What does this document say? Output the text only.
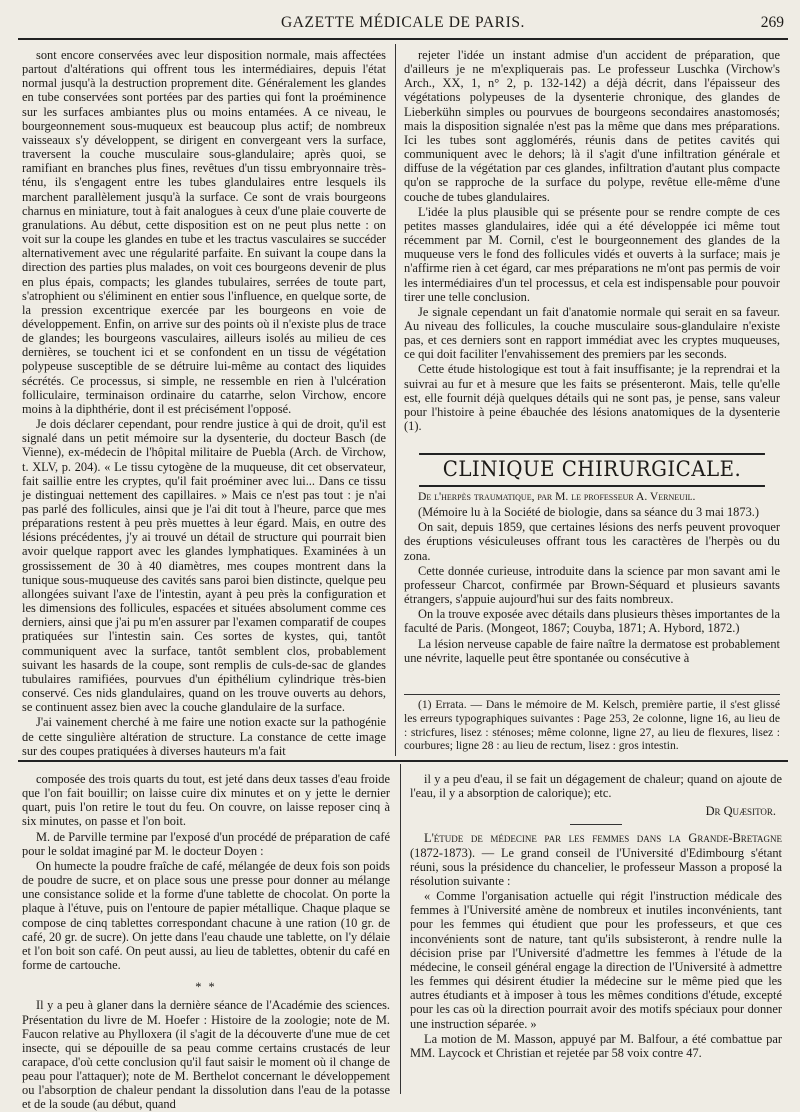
GAZETTE MÉDICALE DE PARIS.	269

sont encore conservées avec leur disposition normale, mais affectées partout d'altérations qui offrent tous les intermédiaires, depuis l'état normal jusqu'à la destruction proprement dite. Généralement les glandes en tube conservées sont portées par des parties qui font la proéminence sur les surfaces ambiantes plus ou moins entamées. A ce niveau, le bourgeonnement sous-muqueux est beaucoup plus actif; de nombreux vaisseaux s'y développent, se dirigent en convergeant vers la surface, traversent la couche musculaire sous-glandulaire; après quoi, se ramifiant en branches plus fines, revêtues d'un tissu embryonnaire très-ténu, ils s'engagent entre les tubes glandulaires entre lesquels ils marchent parallèlement jusqu'à la surface. Ce sont de vrais bourgeons charnus en miniature, tout à fait analogues à ceux d'une plaie couverte de granulations. Au début, cette disposition est on ne peut plus nette : on voit sur la coupe les glandes en tube et les tractus vasculaires se succéder alternativement avec une régularité parfaite. En suivant la coupe dans la direction des parties plus malades, on voit ces bourgeons devenir de plus en plus épais, compacts; les glandes tubulaires, serrées de toute part, s'atrophient ou s'éliminent en entier sous l'influence, en quelque sorte, de la pression excentrique exercée par les bourgeons en voie de développement. Enfin, on arrive sur des points où il n'existe plus de trace de glandes; les bourgeons vasculaires, ailleurs isolés au milieu de ces dernières, se touchent ici et se confondent en un tissu de végétation polypeuse susceptible de se détruire lui-même au contact des liquides sécrétés. Ce processus, si simple, ne ressemble en rien à l'ulcération folliculaire, terminaison ordinaire du catarrhe, selon Virchow, encore moins à la diphthérie, dont il est précisément l'opposé.

Je dois déclarer cependant, pour rendre justice à qui de droit, qu'il est signalé dans un petit mémoire sur la dysenterie, du docteur Basch (de Vienne), ex-médecin de l'hôpital militaire de Puebla (Arch. de Virchow, t. XLV, p. 204). « Le tissu cytogène de la muqueuse, dit cet observateur, fait saillie entre les cryptes, qu'il fait proéminer avec lui... Dans ce tissu je distinguai nettement des capillaires. » Mais ce n'est pas tout : je n'ai pas parlé des follicules, ainsi que je l'ai dit tout à l'heure, parce que mes préparations restent à peu près muettes à leur égard. Mais, en outre des lésions précédentes, j'y ai trouvé un détail de structure qui pourrait bien avoir quelque rapport avec les glandes lymphatiques. Examinées à un grossissement de 30 à 40 diamètres, mes coupes montrent dans la tunique sous-muqueuse des cavités sans paroi bien distincte, quelque peu allongées suivant l'axe de l'intestin, ayant à peu près la configuration et les dimensions des follicules, espacées et situées absolument comme ces derniers, ainsi que j'ai pu m'en assurer par l'examen comparatif de coupes pratiquées sur l'intestin sain. Ces sortes de kystes, qui, tantôt communiquent avec la surface, tantôt semblent clos, probablement suivant les hasards de la coupe, sont remplis de culs-de-sac de glandes tubulaires ramifiées, pourvues d'un épithélium cylindrique très-bien conservé. Ces nids glandulaires, quand on les trouve ouverts au dehors, se continuent assez bien avec la couche glandulaire de la surface.

J'ai vainement cherché à me faire une notion exacte sur la pathogénie de cette singulière altération de structure. La constance de cette image sur des coupes pratiquées à diverses hauteurs m'a fait

rejeter l'idée un instant admise d'un accident de préparation, que d'ailleurs je ne m'expliquerais pas. Le professeur Luschka (Virchow's Arch., XX, 1, n° 2, p. 132-142) a déjà décrit, dans l'épaisseur des végétations polypeuses de la dysenterie chronique, des glandes de Lieberkühn simples ou pourvues de bourgeons secondaires anastomosés; mais la disposition signalée n'est pas la même que dans mes préparations. Ici les tubes sont agglomérés, réunis dans de petites cavités qui communiquent avec le dehors; là il s'agit d'une infiltration générale et diffuse de la végétation par ces glandes, infiltration d'autant plus compacte qu'on se rapproche de la surface du polype, revêtue elle-même d'une couche de tubes glandulaires.

L'idée la plus plausible qui se présente pour se rendre compte de ces petites masses glandulaires, idée qui a été développée ici même tout récemment par M. Cornil, c'est le bourgeonnement des glandes de la muqueuse vers le fond des follicules vidés et ouverts à la surface; mais je n'affirme rien à cet égard, car mes préparations ne m'ont pas permis de voir les intermédiaires d'un tel processus, et cela est indispensable pour pouvoir tirer une telle conclusion.

Je signale cependant un fait d'anatomie normale qui serait en sa faveur. Au niveau des follicules, la couche musculaire sous-glandulaire n'existe pas, et ces derniers sont en rapport immédiat avec les cryptes muqueuses, ce qui doit faciliter l'envahissement des premiers par les seconds.

Cette étude histologique est tout à fait insuffisante; je la reprendrai et la suivrai au fur et à mesure que les faits se présenteront. Mais, telle qu'elle est, elle fournit déjà quelques détails qui ne sont pas, je pense, sans valeur pour l'histoire à peine ébauchée des lésions anatomiques de la dysenterie (1).

CLINIQUE CHIRURGICALE.

De l'herpès traumatique, par M. le professeur A. Verneuil.

(Mémoire lu à la Société de biologie, dans sa séance du 3 mai 1873.)

On sait, depuis 1859, que certaines lésions des nerfs peuvent provoquer des éruptions vésiculeuses offrant tous les caractères de l'herpès ou du zona.

Cette donnée curieuse, introduite dans la science par mon savant ami le professeur Charcot, confirmée par Brown-Séquard et plusieurs savants étrangers, s'appuie aujourd'hui sur des faits nombreux.

On la trouve exposée avec détails dans plusieurs thèses importantes de la faculté de Paris. (Mongeot, 1867; Couyba, 1871; A. Hybord, 1872.)

La lésion nerveuse capable de faire naître la dermatose est probablement une névrite, laquelle peut être spontanée ou consécutive à

(1) Errata. — Dans le mémoire de M. Kelsch, première partie, il s'est glissé les erreurs typographiques suivantes : Page 253, 2e colonne, ligne 16, au lieu de : stricfures, lisez : sténoses; même colonne, ligne 27, au lieu de flexures, lisez : courbures; ligne 28 : au lieu de rectum, lisez : gros intestin.

composée des trois quarts du tout, est jeté dans deux tasses d'eau froide que l'on fait bouillir; on laisse cuire dix minutes et on y jette le dernier quart, puis l'on retire le tout du feu. On couvre, on laisse reposer cinq à six minutes, on passe et l'on boit.

M. de Parville termine par l'exposé d'un procédé de préparation de café pour le soldat imaginé par M. le docteur Doyen :

On humecte la poudre fraîche de café, mélangée de deux fois son poids de poudre de sucre, et on place sous une presse pour donner au mélange une consistance solide et la forme d'une tablette de chocolat. On porte la plaque à l'étuve, puis on l'entoure de papier métallique. Chaque plaque se compose de cinq tablettes correspondant chacune à une ration (10 gr. de café, 20 gr. de sucre). On jette dans l'eau chaude une tablette, on l'y délaie et l'on boit son café. On peut aussi, au lieu de tablettes, obtenir du café en forme de cartouche.

* *

Il y a peu à glaner dans la dernière séance de l'Académie des sciences. Présentation du livre de M. Hoefer : Histoire de la zoologie; note de M. Faucon relative au Phylloxera (il s'agit de la découverte d'une mue de cet insecte, qui se dépouille de sa peau comme certains crustacés de leur carapace, d'où cette conclusion qu'il faut saisir le moment où il change de peau pour l'attaquer); note de M. Berthelot concernant le développement ou l'absorption de chaleur pendant la dissolution dans l'eau de la potasse et de la soude (au début, quand

il y a peu d'eau, il se fait un dégagement de chaleur; quand on ajoute de l'eau, il y a absorption de calorique); etc.

Dr Quæsitor.

L'étude de médecine par les femmes dans la Grande-Bretagne (1872-1873). — Le grand conseil de l'Université d'Edimbourg s'étant réuni, sous la présidence du chancelier, le professeur Masson a proposé la résolution suivante :

« Comme l'organisation actuelle qui régit l'instruction médicale des femmes à l'Université amène de nombreux et inutiles inconvénients, tant pour les femmes qui étudient que pour les professeurs, et que ces inconvénients sont de nature, tant qu'ils subsisteront, à rendre nulle la décision prise par l'Université d'admettre les femmes à l'étude de la médecine, le conseil général engage la direction de l'Université à admettre les femmes qui désirent étudier la médecine sur le même pied que les autres étudiants et à imposer à tous les mêmes conditions d'étude, excepté pour les cas où la direction pourrait avoir des motifs spéciaux pour donner une instruction séparée. »

La motion de M. Masson, appuyé par M. Balfour, a été combattue par MM. Laycock et Christian et rejetée par 58 voix contre 47.
